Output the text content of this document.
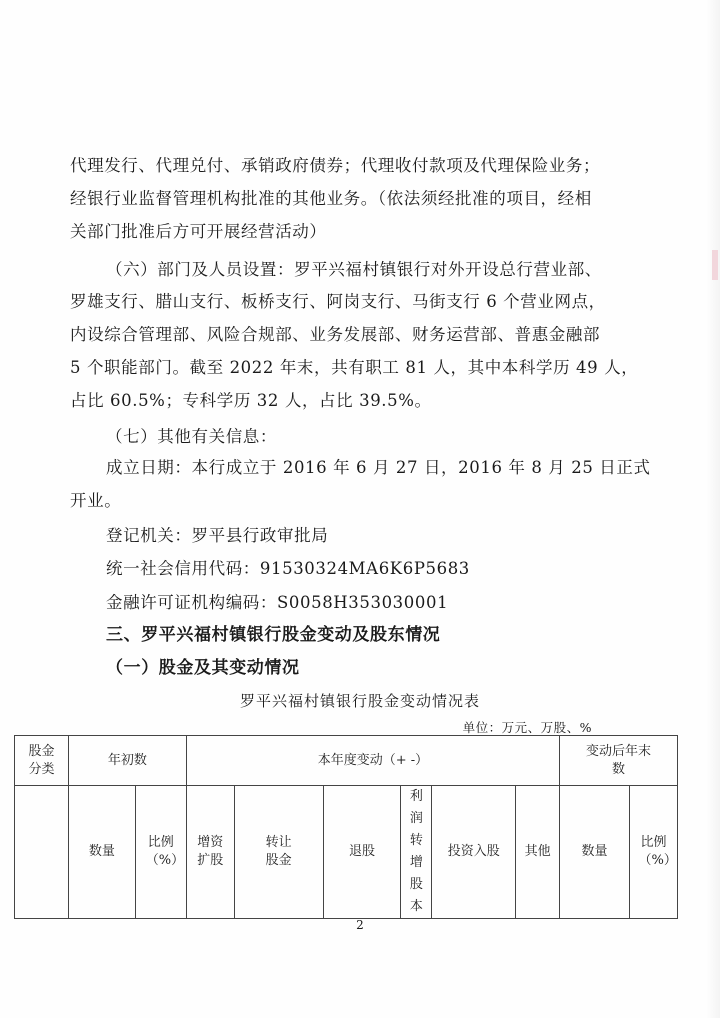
代理发行、代理兑付、承销政府债券；代理收付款项及代理保险业务；
经银行业监督管理机构批准的其他业务。（依法须经批准的项目，经相
关部门批准后方可开展经营活动）
（六）部门及人员设置：罗平兴福村镇银行对外开设总行营业部、
罗雄支行、腊山支行、板桥支行、阿岗支行、马街支行 6 个营业网点，
内设综合管理部、风险合规部、业务发展部、财务运营部、普惠金融部
5 个职能部门。截至 2022 年末，共有职工 81 人，其中本科学历 49 人，
占比 60.5%；专科学历 32 人，占比 39.5%。
（七）其他有关信息：
成立日期：本行成立于 2016 年 6 月 27 日，2016 年 8 月 25 日正式
开业。
登记机关：罗平县行政审批局
统一社会信用代码：91530324MA6K6P5683
金融许可证机构编码：S0058H353030001
三、罗平兴福村镇银行股金变动及股东情况
（一）股金及其变动情况
罗平兴福村镇银行股金变动情况表
单位：万元、万股、%
股金分类	年初数		本年度变动（+ -）						变动后年末数	
	数量	比例（%）	增资扩股	转让股金	退股	利润转增股本	投资入股	其他	数量	比例（%）
2
